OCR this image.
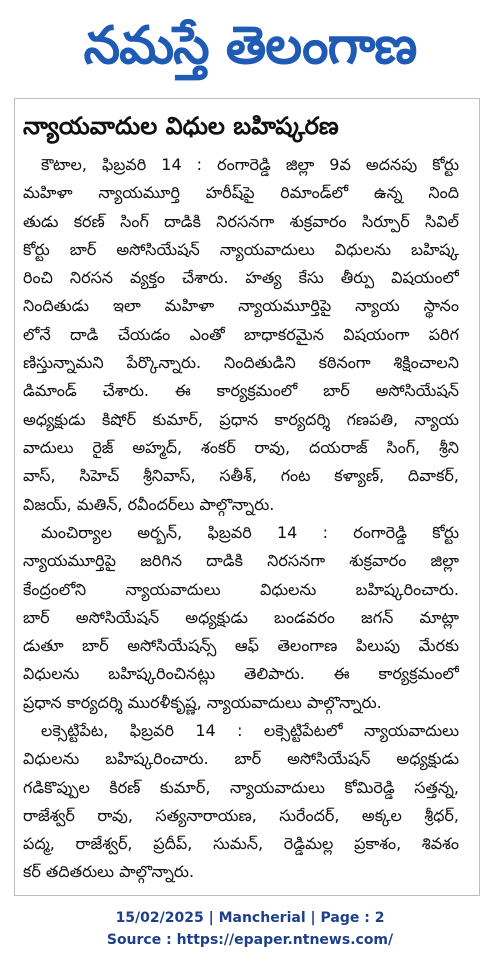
నమస్తే తెలంగాణ
న్యాయవాదుల విధుల బహిష్కరణ
కౌటాల, ఫిబ్రవరి 14 : రంగారెడ్డి జిల్లా 9వ అదనపు కోర్టు
మహిళా న్యాయమూర్తి హరీష్‌పై రిమాండ్‌లో ఉన్న నింది
తుడు కరణ్ సింగ్ దాడికి నిరసనగా శుక్రవారం సిర్పూర్ సివిల్
కోర్టు బార్ అసోసియేషన్ న్యాయవాదులు విధులను బహిష్క
రించి నిరసన వ్యక్తం చేశారు. హత్య కేసు తీర్పు విషయంలో
నిందితుడు ఇలా మహిళా న్యాయమూర్తిపై న్యాయ స్థానం
లోనే దాడి చేయడం ఎంతో బాధాకరమైన విషయంగా పరిగ
ణిస్తున్నామని పేర్కొన్నారు. నిందితుడిని కఠినంగా శిక్షించాలని
డిమాండ్ చేశారు. ఈ కార్యక్రమంలో బార్ అసోసియేషన్
అధ్యక్షుడు కిషోర్ కుమార్, ప్రధాన కార్యదర్శి గణపతి, న్యాయ
వాదులు రైజ్ అహ్మద్, శంకర్ రావు, దయరాజ్ సింగ్, శ్రీని
వాస్, సిహెచ్ శ్రీనివాస్, సతీశ్, గంట కళ్యాణ్, దివాకర్,
విజయ్, మతిన్, రవీందర్‌లు పాల్గొన్నారు.
మంచిర్యాల అర్బన్, ఫిబ్రవరి 14 : రంగారెడ్డి కోర్టు
న్యాయమూర్తిపై జరిగిన దాడికి నిరసనగా శుక్రవారం జిల్లా
కేంద్రంలోని న్యాయవాదులు విధులను బహిష్కరించారు.
బార్ అసోసియేషన్ అధ్యక్షుడు బండవరం జగన్ మాట్లా
డుతూ బార్ అసోసియేషన్స్ ఆఫ్ తెలంగాణ పిలుపు మేరకు
విధులను బహిష్కరించినట్లు తెలిపారు. ఈ కార్యక్రమంలో
ప్రధాన కార్యదర్శి మురళీకృష్ణ, న్యాయవాదులు పాల్గొన్నారు.
లక్సెట్టిపేట, ఫిబ్రవరి 14 : లక్సెట్టిపేటలో న్యాయవాదులు
విధులను బహిష్కరించారు. బార్ అసోసియేషన్ అధ్యక్షుడు
గడికొప్పుల కిరణ్ కుమార్, న్యాయవాదులు కోమిరెడ్డి సత్తన్న,
రాజేశ్వర్ రావు, సత్యనారాయణ, సురేందర్, అక్కల శ్రీధర్,
పద్మ, రాజేశ్వర్, ప్రదీప్, సుమన్, రెడ్డిమల్ల ప్రకాశం, శివశం
కర్ తదితరులు పాల్గొన్నారు.
15/02/2025 | Mancherial | Page : 2
Source : https://epaper.ntnews.com/
